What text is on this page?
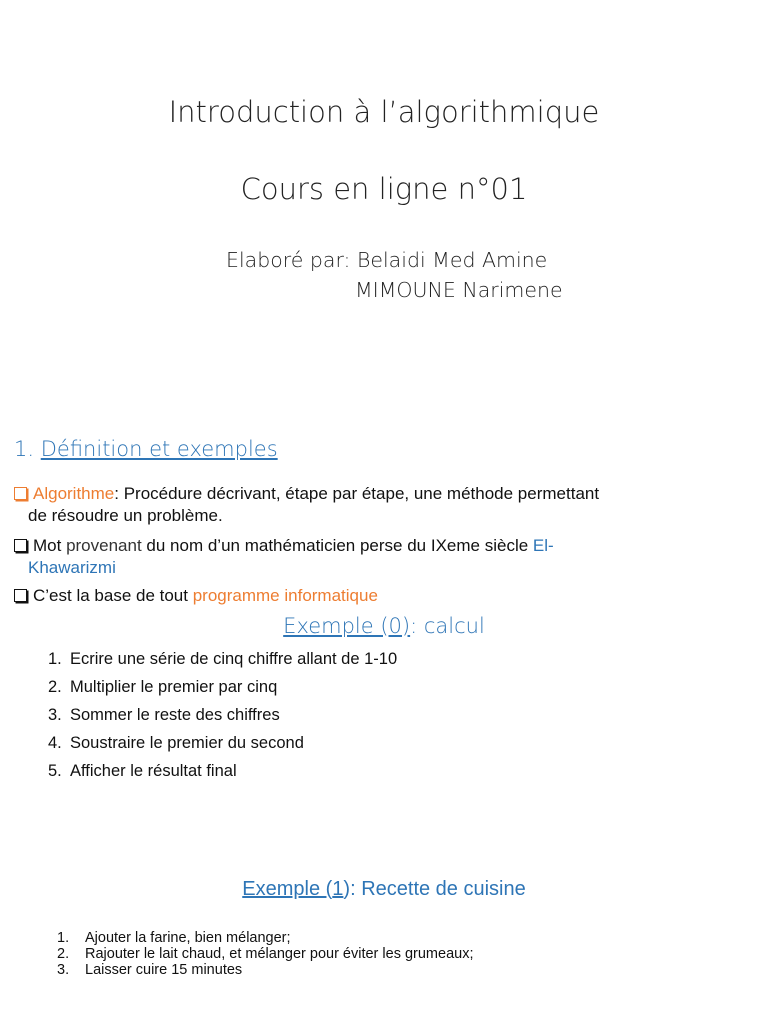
Introduction à l’algorithmique
Cours en ligne n°01
Elaboré par: Belaidi Med Amine
MIMOUNE Narimene
1. Définition et exemples
Algorithme: Procédure décrivant, étape par étape, une méthode permettant
de résoudre un problème.
Mot provenant du nom d’un mathématicien perse du IXeme siècle El-
Khawarizmi
C’est la base de tout programme informatique
Exemple (0): calcul
1. Ecrire une série de cinq chiffre allant de 1-10
2. Multiplier le premier par cinq
3. Sommer le reste des chiffres
4. Soustraire le premier du second
5. Afficher le résultat final
Exemple (1): Recette de cuisine
1. Ajouter la farine, bien mélanger;
2. Rajouter le lait chaud, et mélanger pour éviter les grumeaux;
3. Laisser cuire 15 minutes
